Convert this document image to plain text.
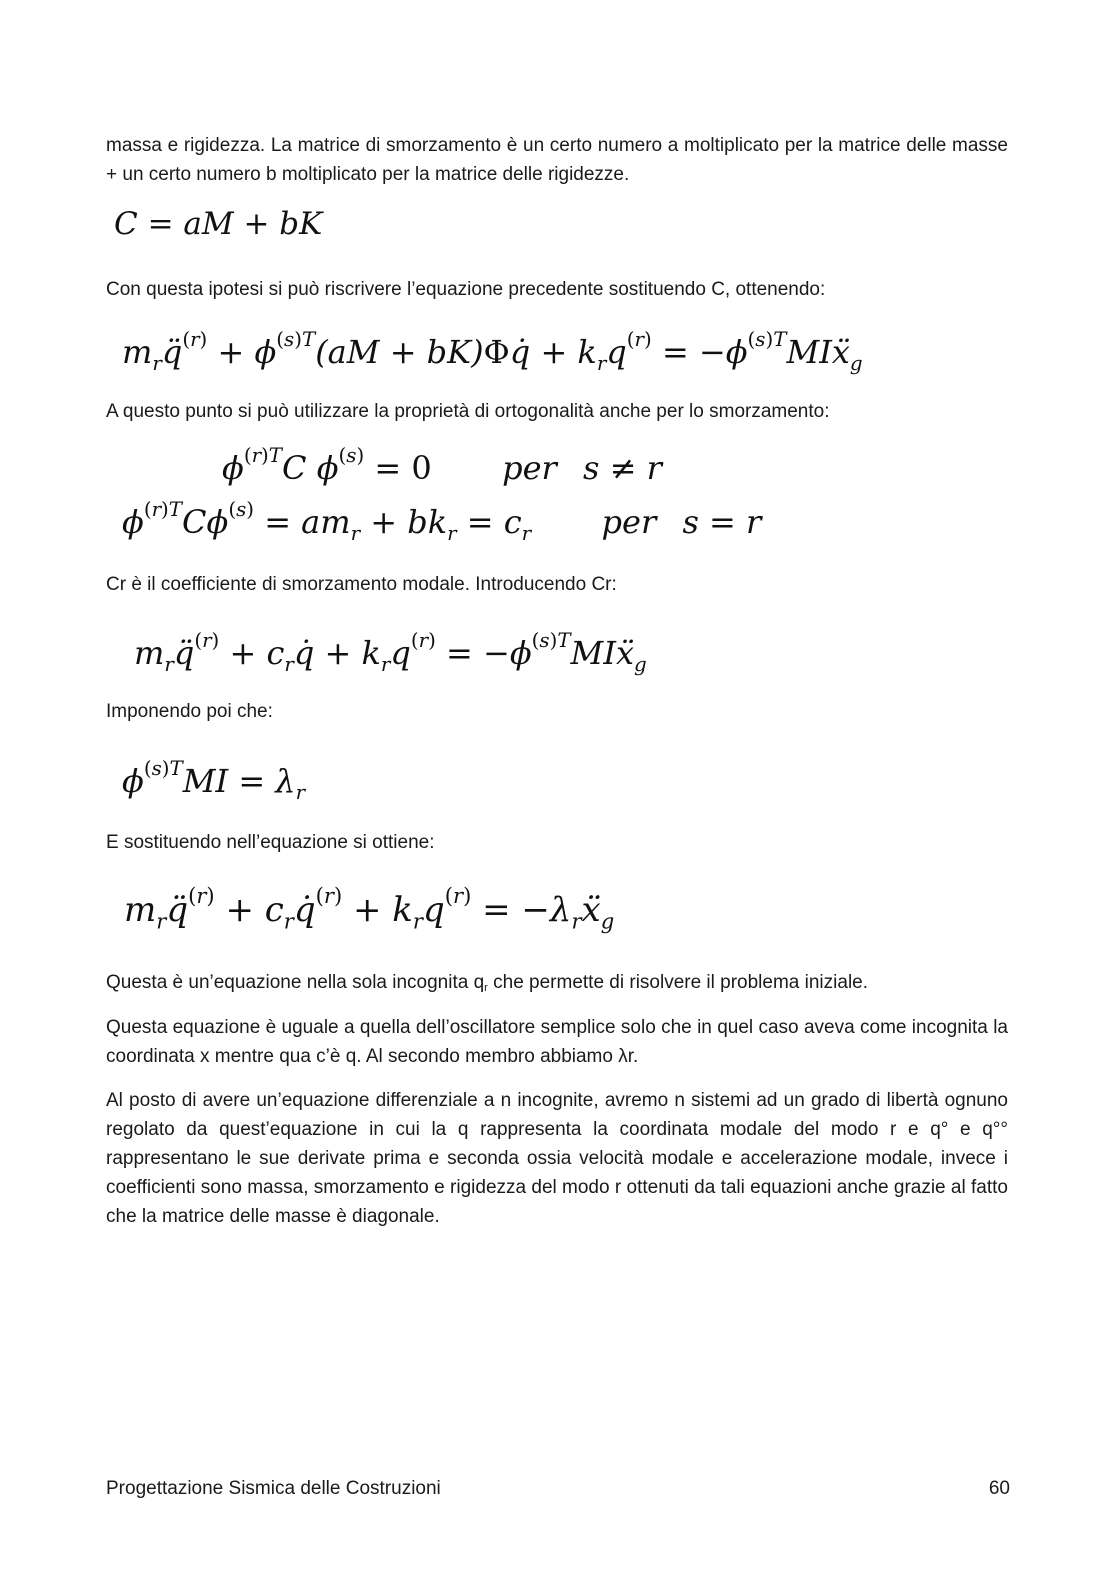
massa e rigidezza. La matrice di smorzamento è un certo numero a moltiplicato per la matrice delle masse + un certo numero b moltiplicato per la matrice delle rigidezze.

C = aM + bK

Con questa ipotesi si può riscrivere l’equazione precedente sostituendo C, ottenendo:

$m_rq̈^{(r)} + \phi^{(s)T}(aM$ + bK)Φq̇ + $k_rq^{(r)}$ = $-\phi^{(s)T}MIẍ_g$

A questo punto si può utilizzare la proprietà di ortogonalità anche per lo smorzamento:

$\phi^{(r)T}C$ $\phi^{(s)} = 0$ per s ≠ r
$\phi^{(r)T}C\phi^{(s)} = am_r + bk_r = c_r$ per s = r

Cr è il coefficiente di smorzamento modale. Introducendo Cr:

$m_rq̈^{(r)}$ + $c_rq̇ + k_rq^{(r)}$ = $-\phi^{(s)T}MIẍ_g$

Imponendo poi che:

$\phi^{(s)T}MI = \lambda_r$

E sostituendo nell’equazione si ottiene:

$m_rq̈^{(r)}$ + $c_rq̇^{(r)} + k_rq^{(r)}$ = $-\lambda_rẍ_g$

Questa è un’equazione nella sola incognita qr che permette di risolvere il problema iniziale.

Questa equazione è uguale a quella dell’oscillatore semplice solo che in quel caso aveva come incognita la coordinata x mentre qua c’è q. Al secondo membro abbiamo λr.

Al posto di avere un’equazione differenziale a n incognite, avremo n sistemi ad un grado di libertà ognuno regolato da quest’equazione in cui la q rappresenta la coordinata modale del modo r e q° e q°° rappresentano le sue derivate prima e seconda ossia velocità modale e accelerazione modale, invece i coefficienti sono massa, smorzamento e rigidezza del modo r ottenuti da tali equazioni anche grazie al fatto che la matrice delle masse è diagonale.

Progettazione Sismica delle Costruzioni	60
